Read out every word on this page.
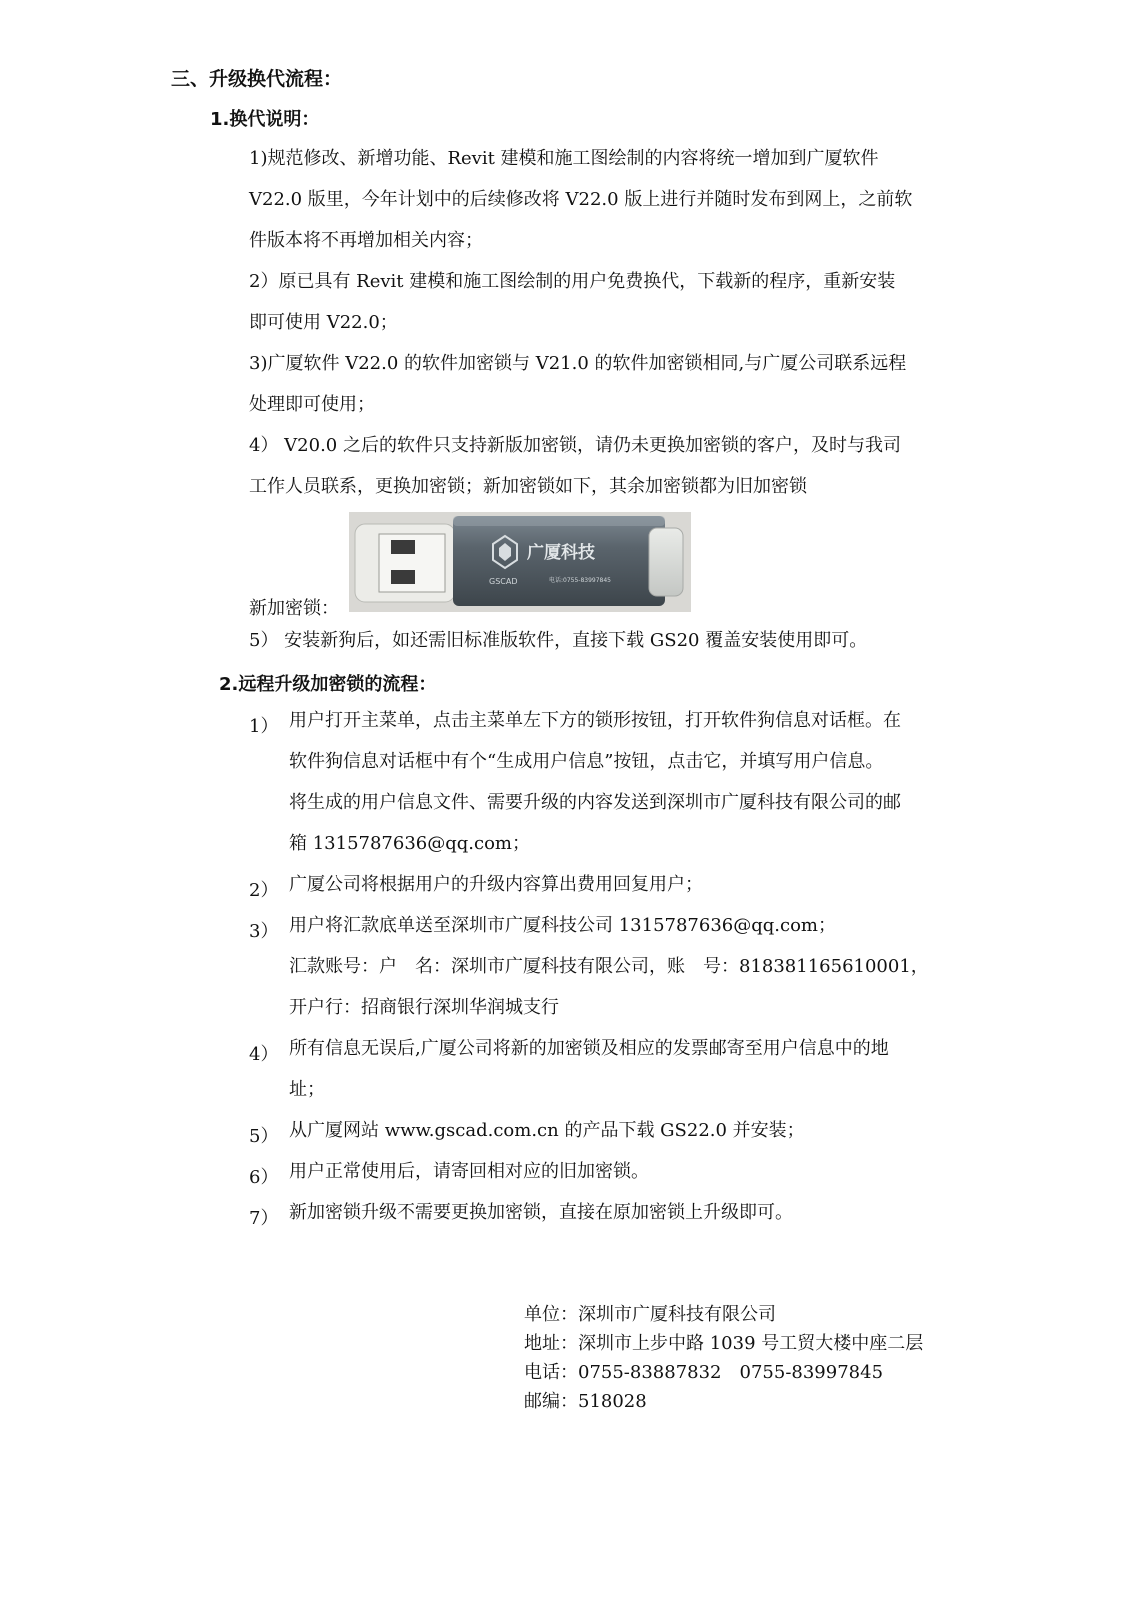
三、升级换代流程：
1.换代说明：
1)规范修改、新增功能、Revit 建模和施工图绘制的内容将统一增加到广厦软件
V22.0 版里，今年计划中的后续修改将 V22.0 版上进行并随时发布到网上，之前软
件版本将不再增加相关内容；
2）原已具有 Revit 建模和施工图绘制的用户免费换代，下载新的程序，重新安装
即可使用 V22.0；
3)广厦软件 V22.0 的软件加密锁与 V21.0 的软件加密锁相同,与广厦公司联系远程
处理即可使用；
4） V20.0 之后的软件只支持新版加密锁，请仍未更换加密锁的客户，及时与我司
工作人员联系，更换加密锁；新加密锁如下，其余加密锁都为旧加密锁
新加密锁：
广厦科技
GSCAD	电话:0755-83997845
5） 安装新狗后，如还需旧标准版软件，直接下载 GS20 覆盖安装使用即可。
2.远程升级加密锁的流程：
1） 用户打开主菜单，点击主菜单左下方的锁形按钮，打开软件狗信息对话框。在
软件狗信息对话框中有个“生成用户信息”按钮，点击它，并填写用户信息。
将生成的用户信息文件、需要升级的内容发送到深圳市广厦科技有限公司的邮
箱 1315787636@qq.com；
2） 广厦公司将根据用户的升级内容算出费用回复用户；
3） 用户将汇款底单送至深圳市广厦科技公司 1315787636@qq.com；
汇款账号：户　名：深圳市广厦科技有限公司，账　号：818381165610001，
开户行：招商银行深圳华润城支行
4） 所有信息无误后,广厦公司将新的加密锁及相应的发票邮寄至用户信息中的地
址；
5） 从广厦网站 www.gscad.com.cn 的产品下载 GS22.0 并安装；
6） 用户正常使用后，请寄回相对应的旧加密锁。
7） 新加密锁升级不需要更换加密锁，直接在原加密锁上升级即可。
单位：深圳市广厦科技有限公司
地址：深圳市上步中路 1039 号工贸大楼中座二层
电话：0755-83887832　0755-83997845
邮编：518028
